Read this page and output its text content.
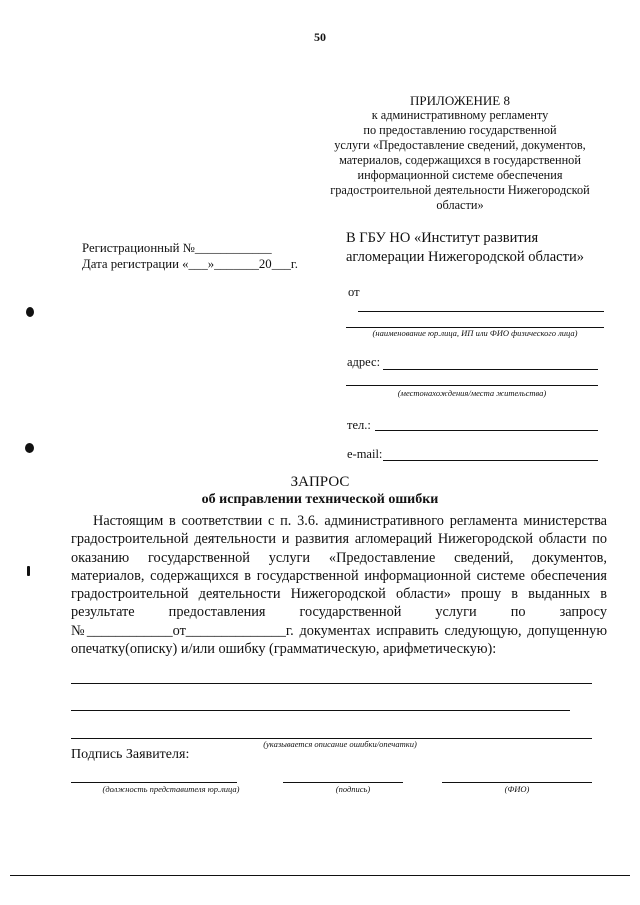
50
ПРИЛОЖЕНИЕ 8
к административному регламенту
по предоставлению государственной
услуги «Предоставление сведений, документов,
материалов, содержащихся в государственной
информационной системе обеспечения
градостроительной деятельности Нижегородской
области»
Регистрационный №____________
Дата регистрации «___»_______20___г.
В ГБУ НО «Институт развития
агломерации Нижегородской области»
от
(наименование юр.лица, ИП или ФИО физического лица)
адрес:
(местонахождения/места жительства)
тел.:
e-mail:
ЗАПРОС
об исправлении технической ошибки

Настоящим в соответствии с п. 3.6. административного регламента министерства градостроительной деятельности и развития агломераций Нижегородской области по оказанию государственной услуги «Предоставление сведений, документов, материалов, содержащихся в государственной информационной системе обеспечения градостроительной деятельности Нижегородской области» прошу в выданных в результате предоставления государственной услуги по запросу №____________от______________г. документах исправить следующую, допущенную опечатку(описку) и/или ошибку (грамматическую, арифметическую):

(указывается описание ошибки/опечатки)
Подпись Заявителя:
(должность представителя юр.лица)	(подпись)	(ФИО)
